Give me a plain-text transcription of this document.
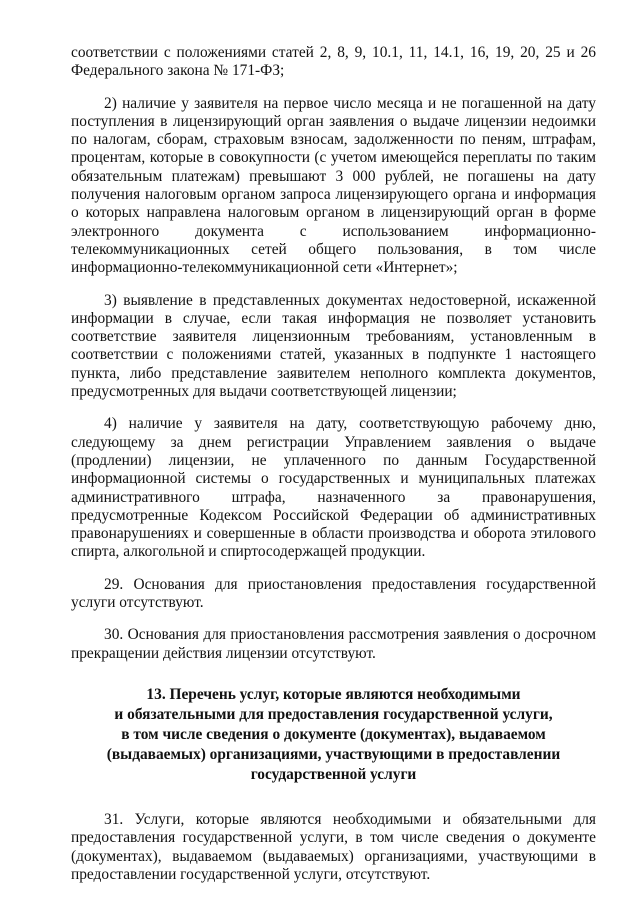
соответствии с положениями статей 2, 8, 9, 10.1, 11, 14.1, 16, 19, 20, 25 и 26 Федерального закона № 171-ФЗ;

2) наличие у заявителя на первое число месяца и не погашенной на дату поступления в лицензирующий орган заявления о выдаче лицензии недоимки по налогам, сборам, страховым взносам, задолженности по пеням, штрафам, процентам, которые в совокупности (с учетом имеющейся переплаты по таким обязательным платежам) превышают 3 000 рублей, не погашены на дату получения налоговым органом запроса лицензирующего органа и информация о которых направлена налоговым органом в лицензирующий орган в форме электронного документа с использованием информационно-телекоммуникационных сетей общего пользования, в том числе информационно-телекоммуникационной сети «Интернет»;

3) выявление в представленных документах недостоверной, искаженной информации в случае, если такая информация не позволяет установить соответствие заявителя лицензионным требованиям, установленным в соответствии с положениями статей, указанных в подпункте 1 настоящего пункта, либо представление заявителем неполного комплекта документов, предусмотренных для выдачи соответствующей лицензии;

4) наличие у заявителя на дату, соответствующую рабочему дню, следующему за днем регистрации Управлением заявления о выдаче (продлении) лицензии, не уплаченного по данным Государственной информационной системы о государственных и муниципальных платежах административного штрафа, назначенного за правонарушения, предусмотренные Кодексом Российской Федерации об административных правонарушениях и совершенные в области производства и оборота этилового спирта, алкогольной и спиртосодержащей продукции.

29. Основания для приостановления предоставления государственной услуги отсутствуют.

30. Основания для приостановления рассмотрения заявления о досрочном прекращении действия лицензии отсутствуют.

13. Перечень услуг, которые являются необходимыми
и обязательными для предоставления государственной услуги,
в том числе сведения о документе (документах), выдаваемом
(выдаваемых) организациями, участвующими в предоставлении
государственной услуги

31. Услуги, которые являются необходимыми и обязательными для предоставления государственной услуги, в том числе сведения о документе (документах), выдаваемом (выдаваемых) организациями, участвующими в предоставлении государственной услуги, отсутствуют.
